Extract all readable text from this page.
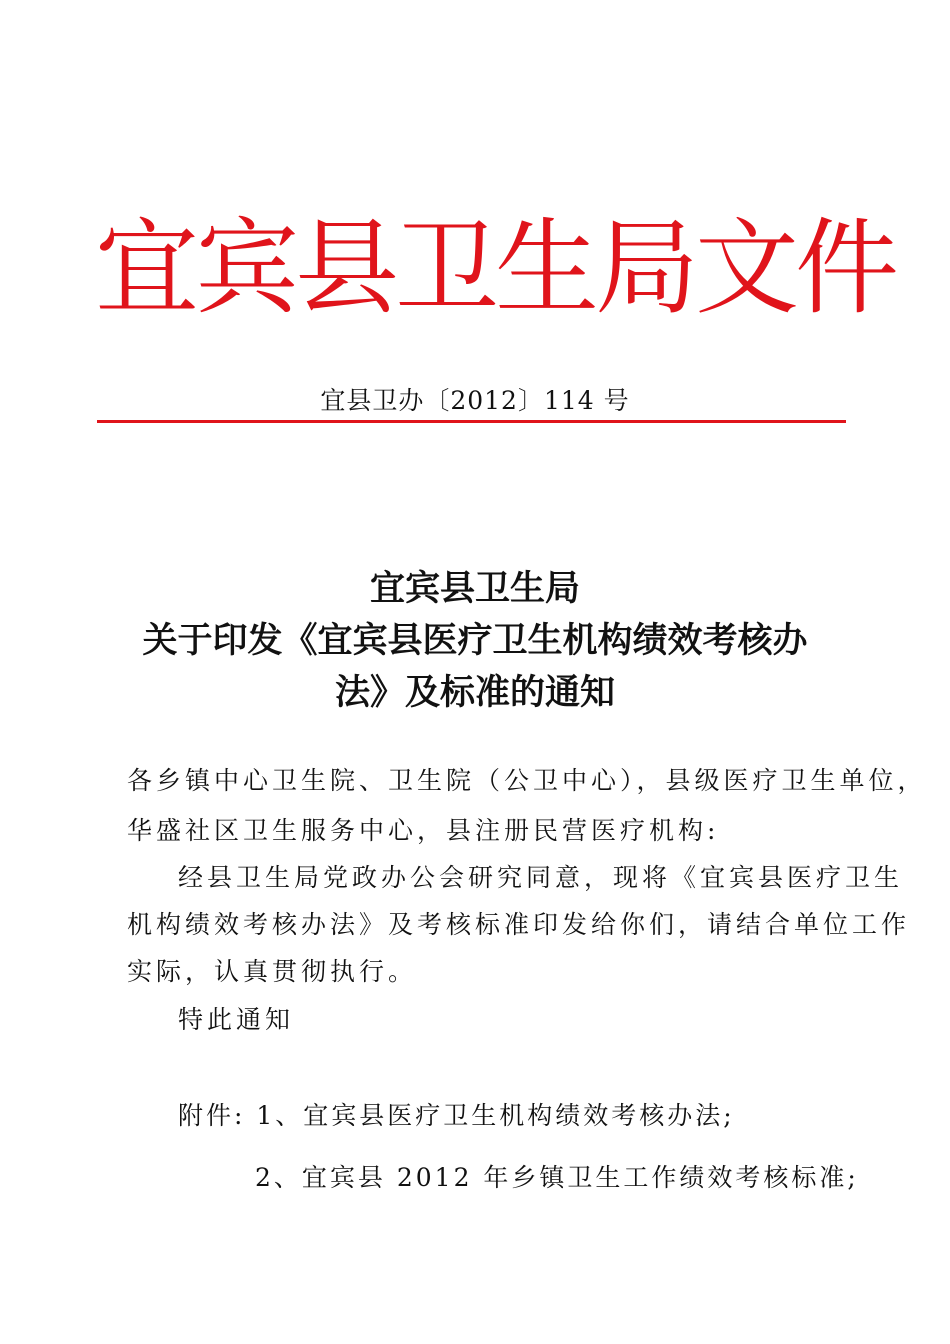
宜宾县卫生局文件
宜县卫办〔2012〕114 号
宜宾县卫生局
关于印发《宜宾县医疗卫生机构绩效考核办
法》及标准的通知
各乡镇中心卫生院、卫生院（公卫中心），县级医疗卫生单位，
华盛社区卫生服务中心，县注册民营医疗机构:
经县卫生局党政办公会研究同意，现将《宜宾县医疗卫生
机构绩效考核办法》及考核标准印发给你们，请结合单位工作
实际，认真贯彻执行。
特此通知
附件: 1、宜宾县医疗卫生机构绩效考核办法;
2、宜宾县 2012 年乡镇卫生工作绩效考核标准;
